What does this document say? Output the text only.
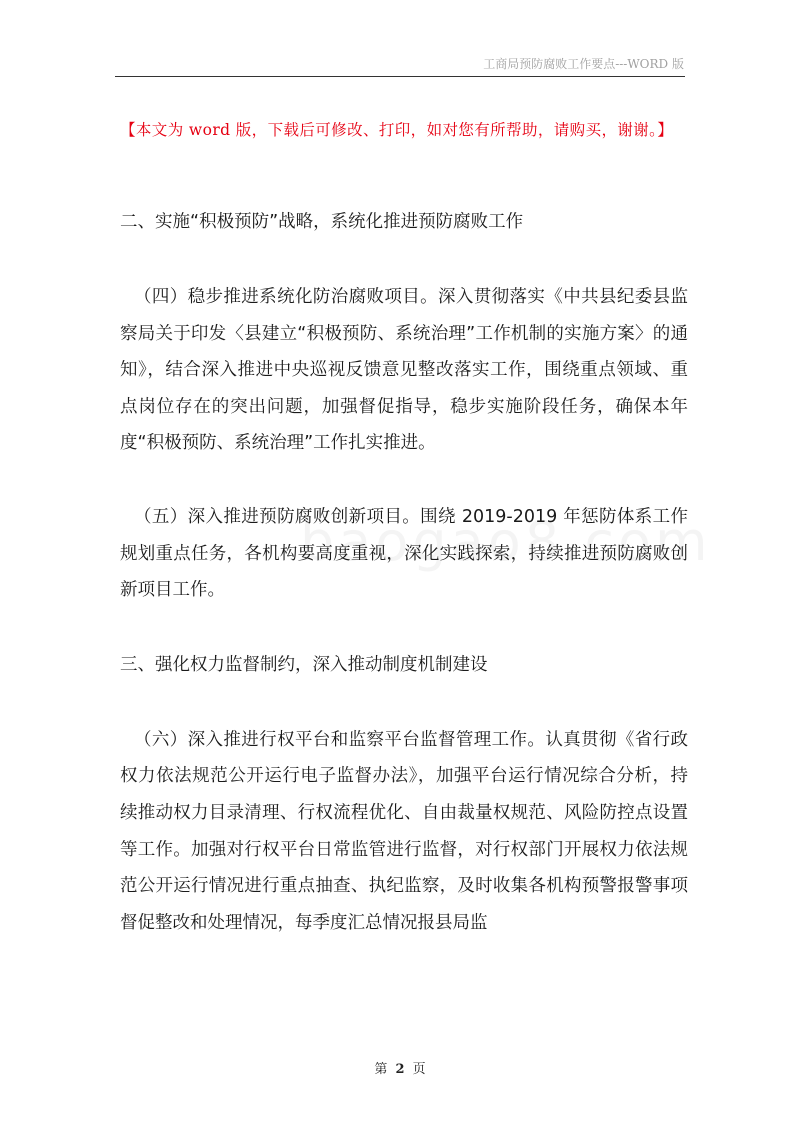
工商局预防腐败工作要点---WORD 版
【本文为 word 版，下载后可修改、打印，如对您有所帮助，请购买，谢谢。】
二、实施“积极预防”战略，系统化推进预防腐败工作
（四）稳步推进系统化防治腐败项目。深入贯彻落实《中共县纪委县监察局关于印发〈县建立“积极预防、系统治理”工作机制的实施方案〉的通知》，结合深入推进中央巡视反馈意见整改落实工作，围绕重点领域、重点岗位存在的突出问题，加强督促指导，稳步实施阶段任务，确保本年度“积极预防、系统治理”工作扎实推进。
（五）深入推进预防腐败创新项目。围绕 2019-2019 年惩防体系工作规划重点任务，各机构要高度重视，深化实践探索，持续推进预防腐败创新项目工作。
三、强化权力监督制约，深入推动制度机制建设
（六）深入推进行权平台和监察平台监督管理工作。认真贯彻《省行政权力依法规范公开运行电子监督办法》，加强平台运行情况综合分析，持续推动权力目录清理、行权流程优化、自由裁量权规范、风险防控点设置等工作。加强对行权平台日常监管进行监督，对行权部门开展权力依法规范公开运行情况进行重点抽查、执纪监察，及时收集各机构预警报警事项督促整改和处理情况，每季度汇总情况报县局监
第 2 页
